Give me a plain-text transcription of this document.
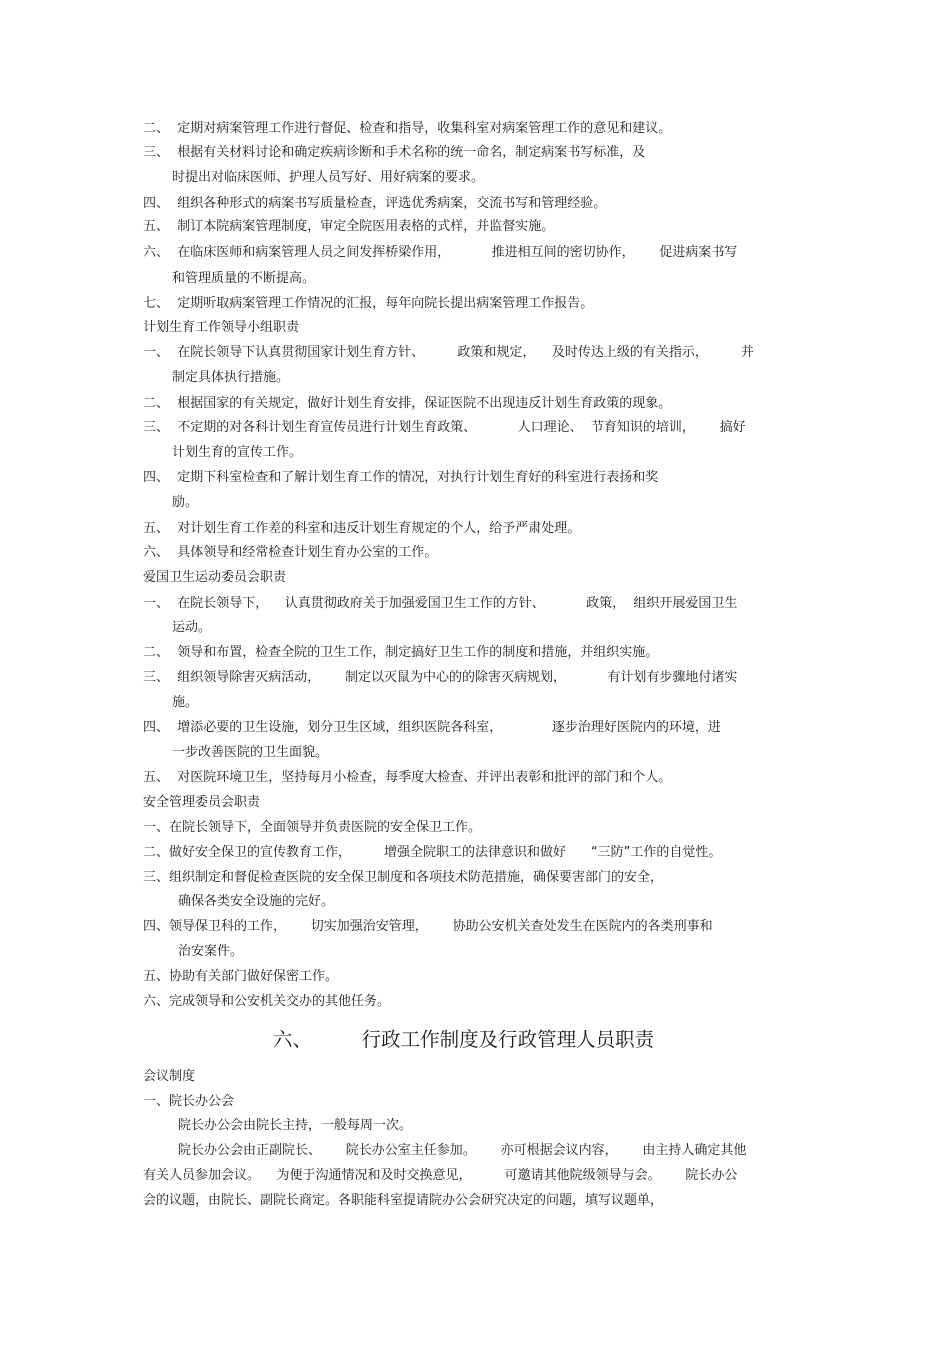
二、  定期对病案管理工作进行督促、检查和指导，收集科室对病案管理工作的意见和建议。
三、  根据有关材料讨论和确定疾病诊断和手术名称的统一命名，制定病案书写标准，及
时提出对临床医师、护理人员写好、用好病案的要求。
四、  组织各种形式的病案书写质量检查，评选优秀病案，交流书写和管理经验。
五、  制订本院病案管理制度，审定全院医用表格的式样，并监督实施。
六、  在临床医师和病案管理人员之间发挥桥梁作用，          推进相互间的密切协作，      促进病案书写
和管理质量的不断提高。
七、  定期听取病案管理工作情况的汇报，每年向院长提出病案管理工作报告。
计划生育工作领导小组职责
一、  在院长领导下认真贯彻国家计划生育方针、        政策和规定，    及时传达上级的有关指示，        并
制定具体执行措施。
二、  根据国家的有关规定，做好计划生育安排，保证医院不出现违反计划生育政策的现象。
三、  不定期的对各科计划生育宣传员进行计划生育政策、          人口理论、  节育知识的培训，      搞好
计划生育的宣传工作。
四、  定期下科室检查和了解计划生育工作的情况，对执行计划生育好的科室进行表扬和奖
励。
五、  对计划生育工作差的科室和违反计划生育规定的个人，给予严肃处理。
六、  具体领导和经常检查计划生育办公室的工作。
爱国卫生运动委员会职责
一、  在院长领导下，    认真贯彻政府关于加强爱国卫生工作的方针、          政策，  组织开展爱国卫生
运动。
二、  领导和布置，检查全院的卫生工作，制定搞好卫生工作的制度和措施，并组织实施。
三、  组织领导除害灭病活动，      制定以灭鼠为中心的的除害灭病规划，          有计划有步骤地付诸实
施。
四、  增添必要的卫生设施，划分卫生区域，组织医院各科室，            逐步治理好医院内的环境，进
一步改善医院的卫生面貌。
五、  对医院环境卫生，坚持每月小检查，每季度大检查、并评出表彰和批评的部门和个人。
安全管理委员会职责
一、在院长领导下，全面领导并负责医院的安全保卫工作。
二、做好安全保卫的宣传教育工作，        增强全院职工的法律意识和做好      “三防”工作的自觉性。
三、组织制定和督促检查医院的安全保卫制度和各项技术防范措施，确保要害部门的安全，
确保各类安全设施的完好。
四、领导保卫科的工作，      切实加强治安管理，      协助公安机关查处发生在医院内的各类刑事和
治安案件。
五、协助有关部门做好保密工作。
六、完成领导和公安机关交办的其他任务。
六、        行政工作制度及行政管理人员职责
会议制度
一、院长办公会
院长办公会由院长主持，一般每周一次。
院长办公会由正副院长、      院长办公室主任参加。      亦可根据会议内容，      由主持人确定其他
有关人员参加会议。    为便于沟通情况和及时交换意见，        可邀请其他院级领导与会。      院长办公
会的议题，由院长、副院长商定。各职能科室提请院办公会研究决定的问题，填写议题单，
